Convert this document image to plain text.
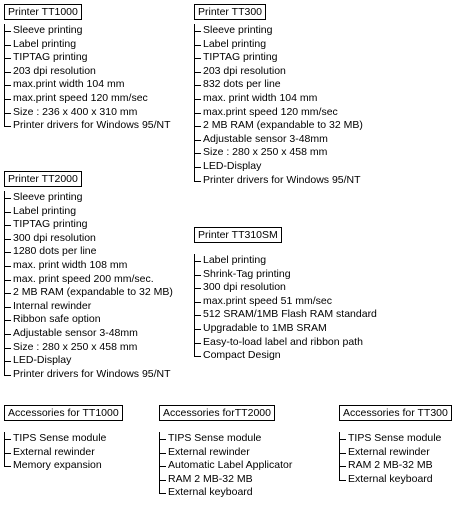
Printer TT1000
Sleeve printing
Label printing
TIPTAG printing
203 dpi resolution
max.print width 104 mm
max.print speed 120 mm/sec
Size : 236 x 400 x 310 mm
Printer drivers for Windows 95/NT
Printer TT300
Sleeve printing
Label printing
TIPTAG printing
203 dpi resolution
832 dots per line
max. print width 104 mm
max.print speed 120 mm/sec
2 MB RAM (expandable to 32 MB)
Adjustable sensor 3-48mm
Size : 280 x 250 x 458 mm
LED-Display
Printer drivers for Windows 95/NT
Printer TT2000
Sleeve printing
Label printing
TIPTAG printing
300 dpi resolution
1280 dots per line
max. print width 108 mm
max. print speed 200 mm/sec.
2 MB RAM (expandable to 32 MB)
Internal rewinder
Ribbon safe option
Adjustable sensor 3-48mm
Size : 280 x 250 x 458 mm
LED-Display
Printer drivers for Windows 95/NT
Printer TT310SM
Label printing
Shrink-Tag printing
300 dpi resolution
max.print speed 51 mm/sec
512 SRAM/1MB Flash RAM standard
Upgradable to 1MB SRAM
Easy-to-load label and ribbon path
Compact Design
Accessories for TT1000
TIPS Sense module
External rewinder
Memory expansion
Accessories forTT2000
TIPS Sense module
External rewinder
Automatic Label Applicator
RAM 2 MB-32 MB
External keyboard
Accessories for TT300
TIPS Sense module
External rewinder
RAM 2 MB-32 MB
External keyboard
